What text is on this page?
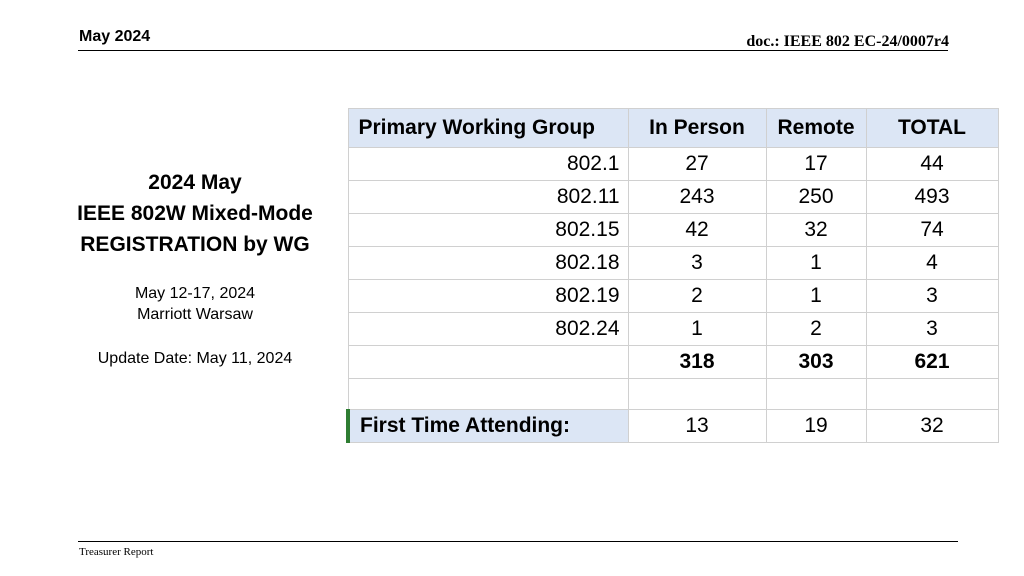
May 2024	doc.: IEEE 802 EC-24/0007r4
2024 May
IEEE 802W Mixed-Mode
REGISTRATION by WG
May 12-17, 2024
Marriott Warsaw
Update Date: May 11, 2024
Primary Working Group	In Person	Remote	TOTAL
802.1	27	17	44
802.11	243	250	493
802.15	42	32	74
802.18	3	1	4
802.19	2	1	3
802.24	1	2	3
	318	303	621

First Time Attending:	13	19	32
Treasurer Report
